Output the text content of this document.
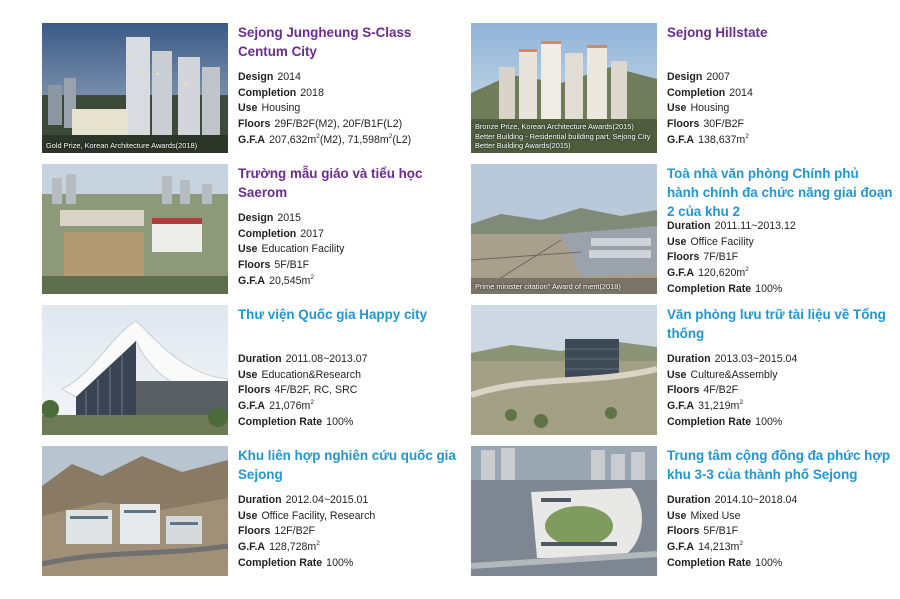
Gold Prize, Korean Architecture Awards(2018)
Sejong Jungheung S-Class Centum City
Design 2014
Completion 2018
Use Housing
Floors 29F/B2F(M2), 20F/B1F(L2)
G.F.A $207,632m^2(M2)$, $71,598m^2(L2)$
Bronze Prize, Korean Architecture Awards(2015) Better Building - Residential building part, Sejong City Better Building Awards(2015)
Sejong Hillstate
Design 2007
Completion 2014
Use Housing
Floors 30F/B2F
G.F.A $138,637m^2$
Trường mẫu giáo và tiểu học Saerom
Design 2015
Completion 2017
Use Education Facility
Floors 5F/B1F
G.F.A $20,545m^2$
Prime minister citation" Award of merit(2018)
Toà nhà văn phòng Chính phủ hành chính đa chức năng giai đoạn 2 của khu 2
Duration 2011.11~2013.12
Use Office Facility
Floors 7F/B1F
G.F.A $120,620m^2$
Completion Rate 100%
Thư viện Quốc gia Happy city
Duration 2011.08~2013.07
Use Education&Research
Floors 4F/B2F, RC, SRC
G.F.A $21,076m^2$
Completion Rate 100%
Văn phòng lưu trữ tài liệu về Tổng thống
Duration 2013.03~2015.04
Use Culture&Assembly
Floors 4F/B2F
G.F.A $31,219m^2$
Completion Rate 100%
Khu liên hợp nghiên cứu quốc gia Sejong
Duration 2012.04~2015.01
Use Office Facility, Research
Floors 12F/B2F
G.F.A $128,728m^2$
Completion Rate 100%
Trung tâm cộng đồng đa phức hợp khu 3-3 của thành phố Sejong
Duration 2014.10~2018.04
Use Mixed Use
Floors 5F/B1F
G.F.A $14,213m^2$
Completion Rate 100%
